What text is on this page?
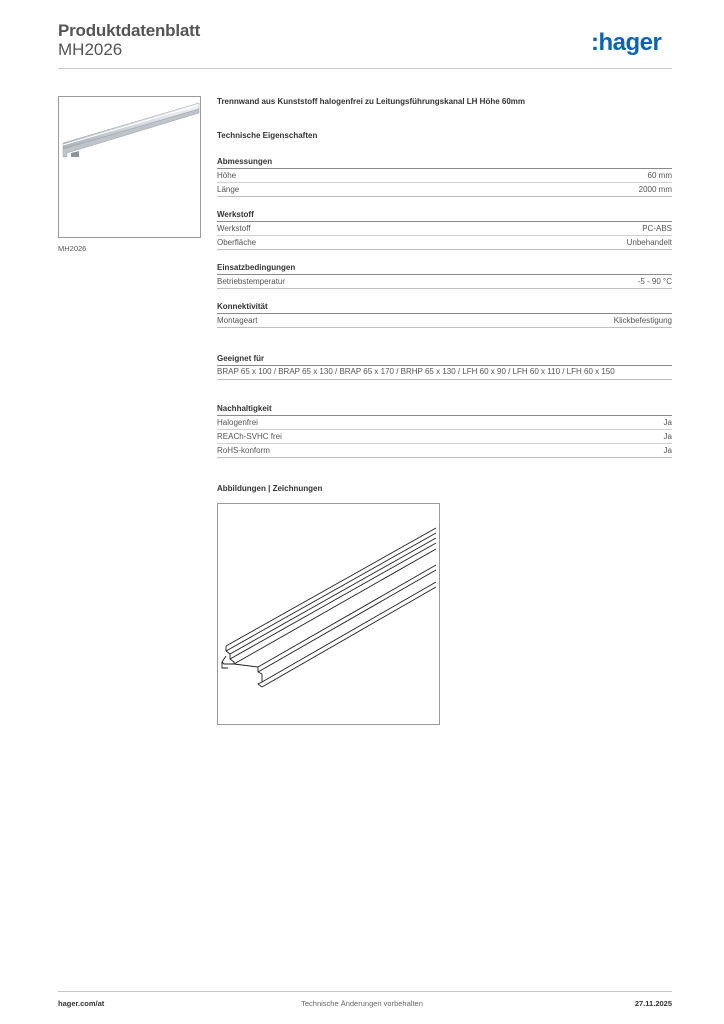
Produktdatenblatt
MH2026	:hager
MH2026
Trennwand aus Kunststoff halogenfrei zu Leitungsführungskanal LH Höhe 60mm
Technische Eigenschaften
Abmessungen
Höhe	60 mm
Länge	2000 mm
Werkstoff
Werkstoff	PC-ABS
Oberfläche	Unbehandelt
Einsatzbedingungen
Betriebstemperatur	-5 - 90 °C
Konnektivität
Montageart	Klickbefestigung
Geeignet für
BRAP 65 x 100 / BRAP 65 x 130 / BRAP 65 x 170 / BRHP 65 x 130 / LFH 60 x 90 / LFH 60 x 110 / LFH 60 x 150
Nachhaltigkeit
Halogenfrei	Ja
REACh-SVHC frei	Ja
RoHS-konform	Ja
Abbildungen | Zeichnungen
hager.com/at	Technische Änderungen vorbehalten	27.11.2025
